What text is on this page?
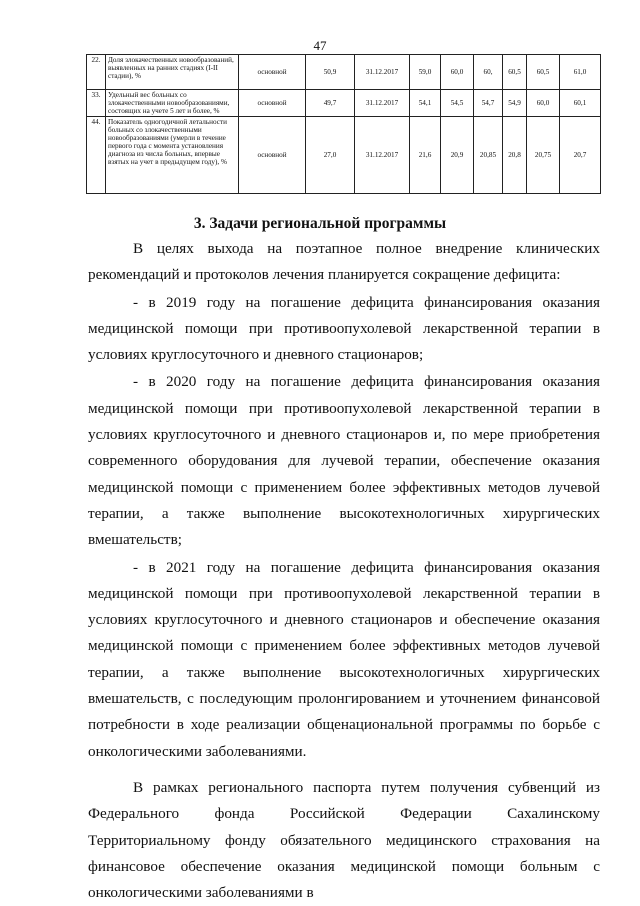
47
22.	Доля злокачественных новообразований, выявленных на ранних стадиях (I-II стадии), %	основной	50,9	31.12.2017	59,0	60,0	60,	60,5	60,5	61,0
33.	Удельный вес больных со злокачественными новообразованиями, состоящих на учете 5 лет и более, %	основной	49,7	31.12.2017	54,1	54,5	54,7	54,9	60,0	60,1
44.	Показатель одногодичной летальности больных со злокачественными новообразованиями (умерли в течение первого года с момента установления диагноза из числа больных, впервые взятых на учет в предыдущем году), %	основной	27,0	31.12.2017	21,6	20,9	20,85	20,8	20,75	20,7
3. Задачи региональной программы

В целях выхода на поэтапное полное внедрение клинических рекомендаций и протоколов лечения планируется сокращение дефицита:

- в 2019 году на погашение дефицита финансирования оказания медицинской помощи при противоопухолевой лекарственной терапии в условиях круглосуточного и дневного стационаров;

- в 2020 году на погашение дефицита финансирования оказания медицинской помощи при противоопухолевой лекарственной терапии в условиях круглосуточного и дневного стационаров и, по мере приобретения современного оборудования для лучевой терапии, обеспечение оказания медицинской помощи с применением более эффективных методов лучевой терапии, а также выполнение высокотехнологичных хирургических вмешательств;

- в 2021 году на погашение дефицита финансирования оказания медицинской помощи при противоопухолевой лекарственной терапии в условиях круглосуточного и дневного стационаров и обеспечение оказания медицинской помощи с применением более эффективных методов лучевой терапии, а также выполнение высокотехнологичных хирургических вмешательств, с последующим пролонгированием и уточнением финансовой потребности в ходе реализации общенациональной программы по борьбе с онкологическими заболеваниями.

В рамках регионального паспорта путем получения субвенций из Федерального фонда Российской Федерации Сахалинскому Территориальному фонду обязательного медицинского страхования на финансовое обеспечение оказания медицинской помощи больным с онкологическими заболеваниями в
